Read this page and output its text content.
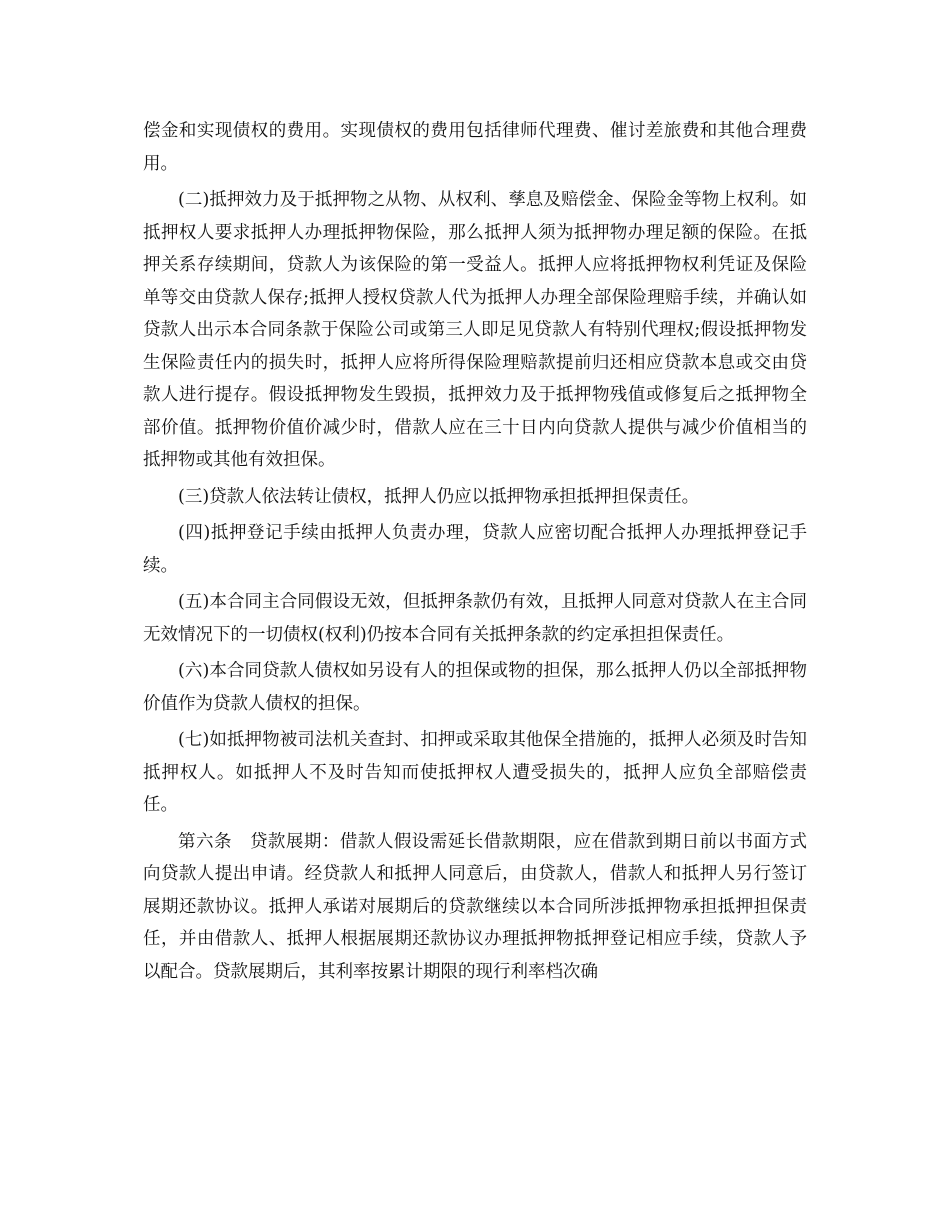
偿金和实现债权的费用。实现债权的费用包括律师代理费、催讨差旅费和其他合理费用。

(二)抵押效力及于抵押物之从物、从权利、孳息及赔偿金、保险金等物上权利。如抵押权人要求抵押人办理抵押物保险，那么抵押人须为抵押物办理足额的保险。在抵押关系存续期间，贷款人为该保险的第一受益人。抵押人应将抵押物权利凭证及保险单等交由贷款人保存;抵押人授权贷款人代为抵押人办理全部保险理赔手续，并确认如贷款人出示本合同条款于保险公司或第三人即足见贷款人有特别代理权;假设抵押物发生保险责任内的损失时，抵押人应将所得保险理赔款提前归还相应贷款本息或交由贷款人进行提存。假设抵押物发生毁损，抵押效力及于抵押物残值或修复后之抵押物全部价值。抵押物价值价减少时，借款人应在三十日内向贷款人提供与减少价值相当的抵押物或其他有效担保。

(三)贷款人依法转让债权，抵押人仍应以抵押物承担抵押担保责任。

(四)抵押登记手续由抵押人负责办理，贷款人应密切配合抵押人办理抵押登记手续。

(五)本合同主合同假设无效，但抵押条款仍有效，且抵押人同意对贷款人在主合同无效情况下的一切债权(权利)仍按本合同有关抵押条款的约定承担担保责任。

(六)本合同贷款人债权如另设有人的担保或物的担保，那么抵押人仍以全部抵押物价值作为贷款人债权的担保。

(七)如抵押物被司法机关查封、扣押或采取其他保全措施的，抵押人必须及时告知抵押权人。如抵押人不及时告知而使抵押权人遭受损失的，抵押人应负全部赔偿责任。

第六条　贷款展期：借款人假设需延长借款期限，应在借款到期日前以书面方式向贷款人提出申请。经贷款人和抵押人同意后，由贷款人，借款人和抵押人另行签订展期还款协议。抵押人承诺对展期后的贷款继续以本合同所涉抵押物承担抵押担保责任，并由借款人、抵押人根据展期还款协议办理抵押物抵押登记相应手续，贷款人予以配合。贷款展期后，其利率按累计期限的现行利率档次确
